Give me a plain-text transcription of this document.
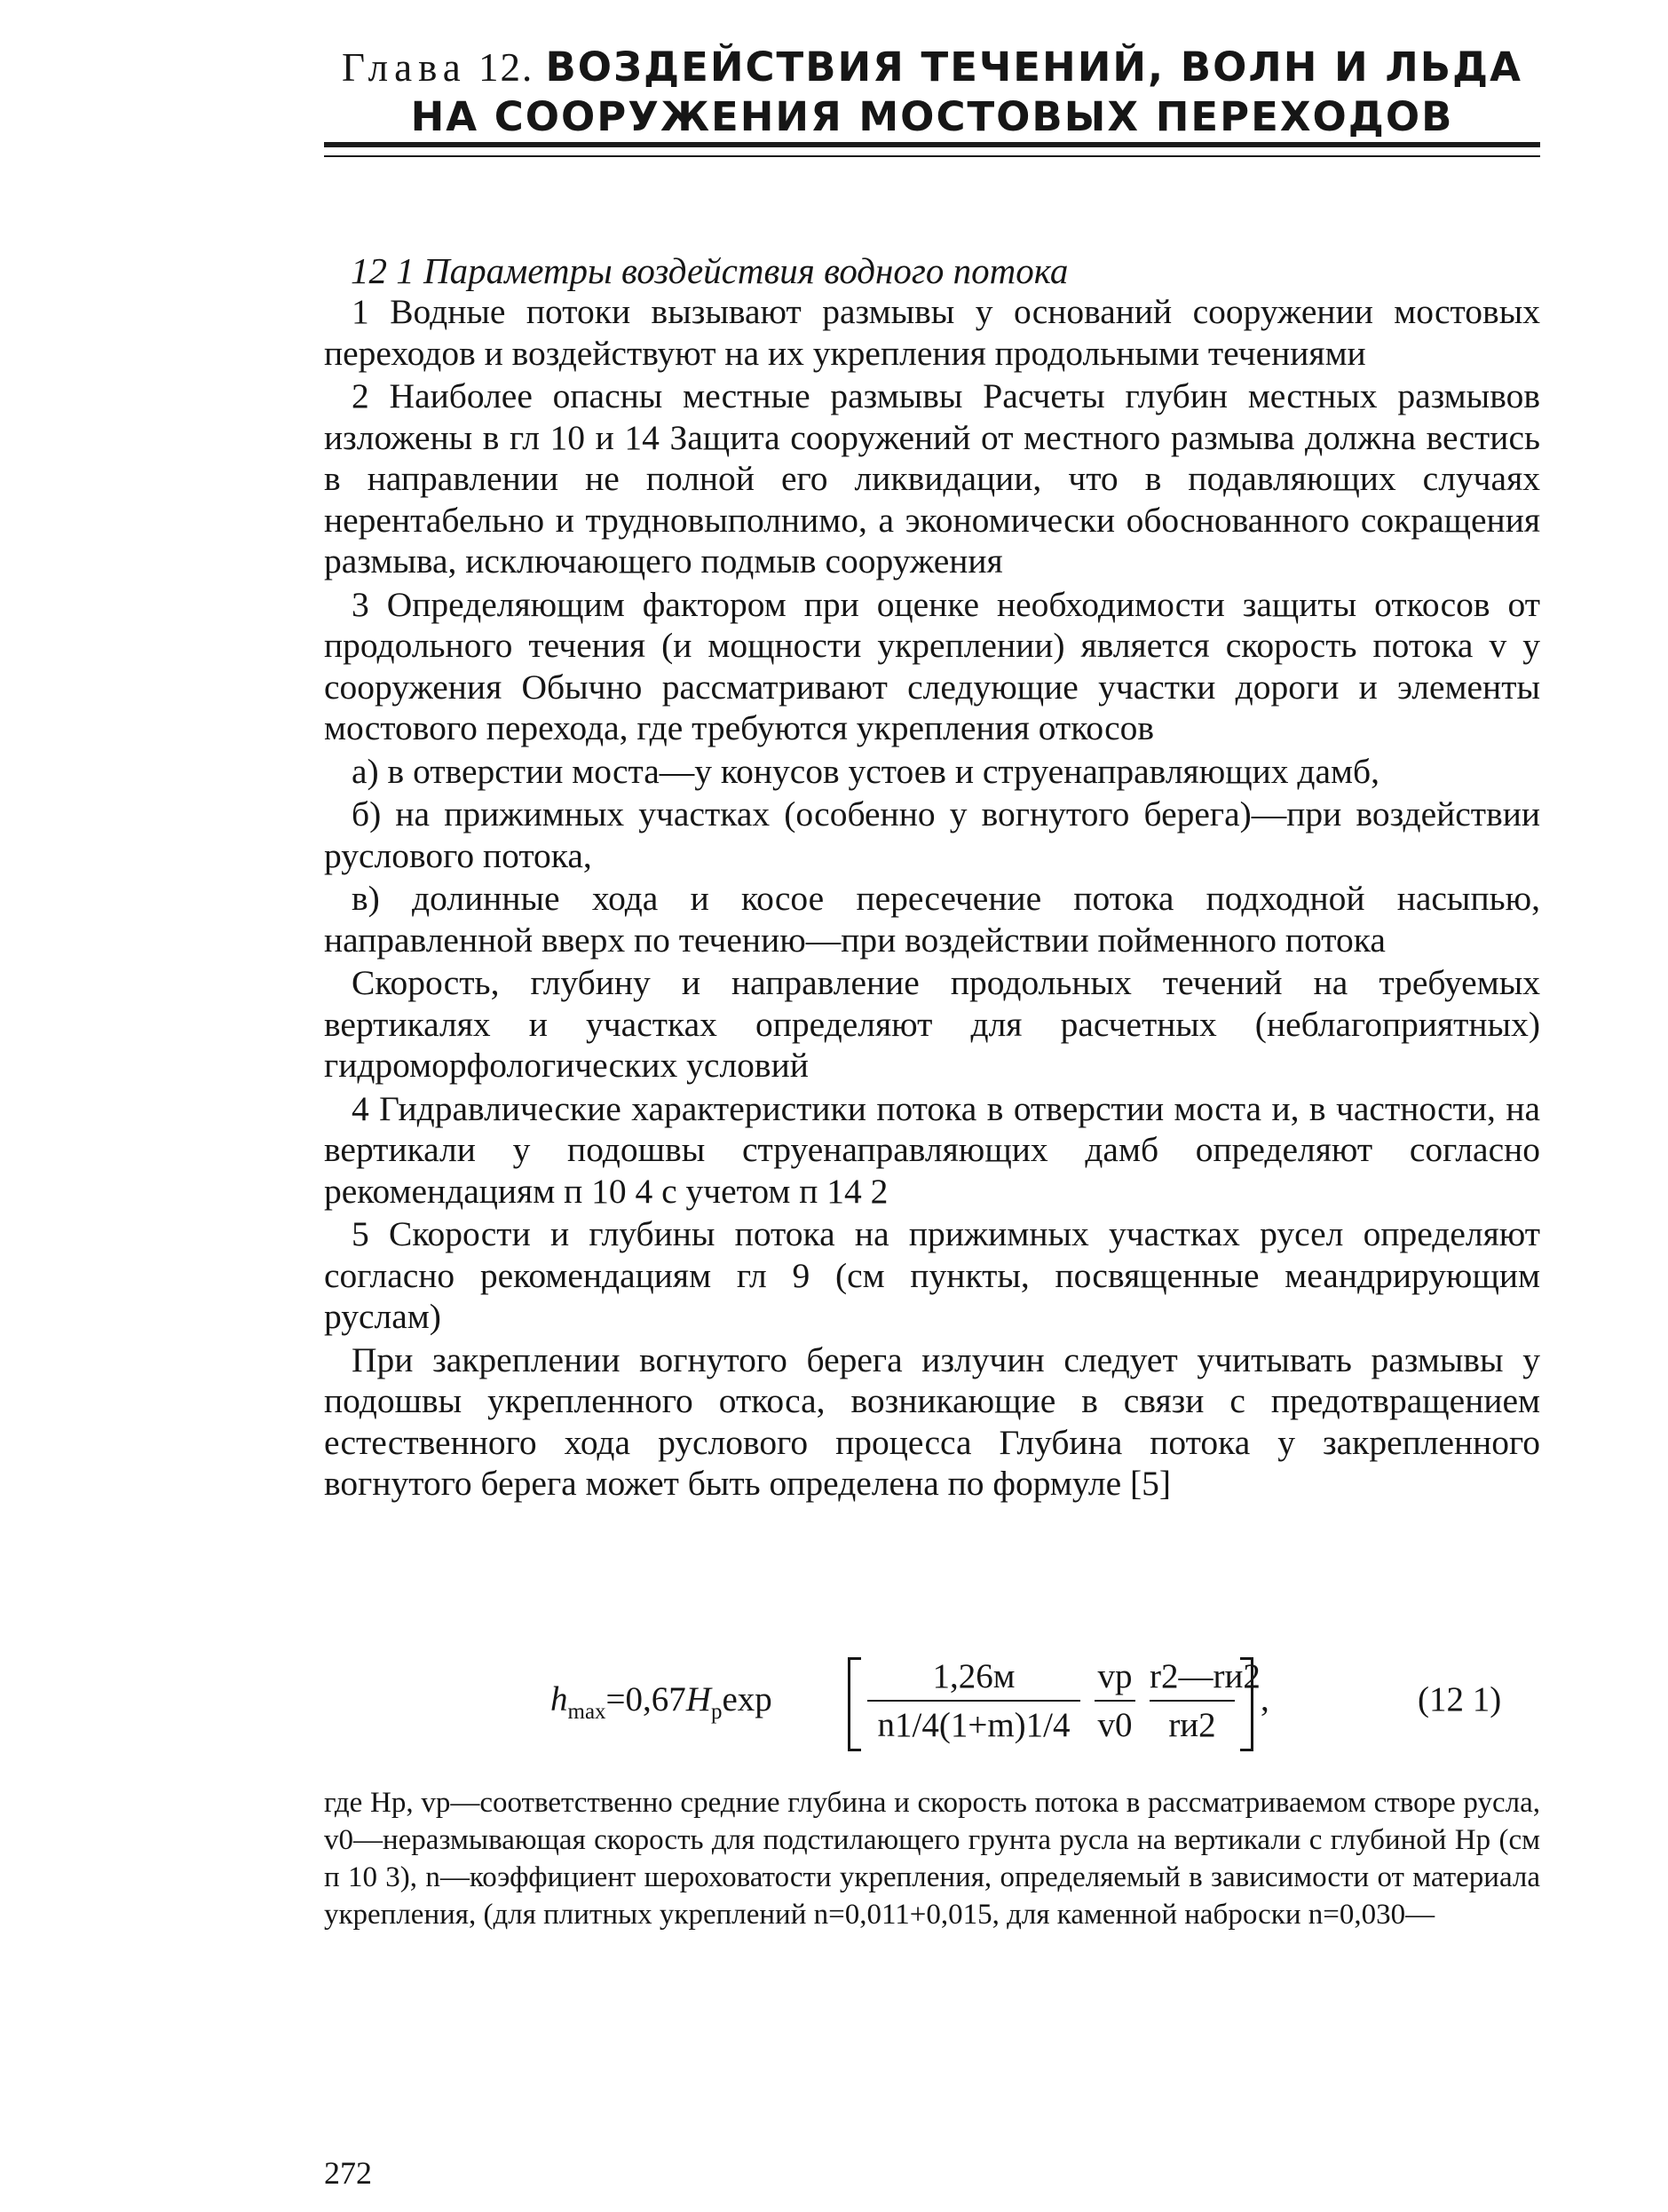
Глава 12. ВОЗДЕЙСТВИЯ ТЕЧЕНИЙ, ВОЛН И ЛЬДА
НА СООРУЖЕНИЯ МОСТОВЫХ ПЕРЕХОДОВ
12 1 Параметры воздействия водного потока

1 Водные потоки вызывают размывы у оснований сооружении мостовых переходов и воздействуют на их укрепления продольными течениями

2 Наиболее опасны местные размывы Расчеты глубин местных размывов изложены в гл 10 и 14 Защита сооружений от местного размыва должна вестись в направлении не полной его ликвидации, что в подавляющих случаях нерентабельно и трудновыполнимо, а экономически обоснованного сокращения размыва, исключающего подмыв сооружения

3 Определяющим фактором при оценке необходимости защиты откосов от продольного течения (и мощности укреплении) является скорость потока v у сооружения Обычно рассматривают следующие участки дороги и элементы мостового перехода, где требуются укрепления откосов

а) в отверстии моста—у конусов устоев и струенаправляющих дамб,

б) на прижимных участках (особенно у вогнутого берега)—при воздействии руслового потока,

в) долинные хода и косое пересечение потока подходной насыпью, направленной вверх по течению—при воздействии пойменного потока

Скорость, глубину и направление продольных течений на требуемых вертикалях и участках определяют для расчетных (неблагоприятных) гидроморфологических условий

4 Гидравлические характеристики потока в отверстии моста и, в частности, на вертикали у подошвы струенаправляющих дамб определяют согласно рекомендациям п 10 4 с учетом п 14 2

5 Скорости и глубины потока на прижимных участках русел определяют согласно рекомендациям гл 9 (см пункты, посвященные меандрирующим руслам)

При закреплении вогнутого берега излучин следует учитывать размывы у подошвы укрепленного откоса, возникающие в связи с предотвращением естественного хода руслового процесса Глубина потока у закрепленного вогнутого берега может быть определена по формуле [5]

$h_{max}=0,67H_р\exp$
1,26м
n1/4(1+m)1/4
vр
v0
r2—rи2
rи2
,	(12 1)

где Hр, vр—соответственно средние глубина и скорость потока в рассматриваемом створе русла, v0—неразмывающая скорость для подстилающего грунта русла на вертикали с глубиной Hр (см п 10 3), n—коэффициент шероховатости укрепления, определяемый в зависимости от материала укрепления, (для плитных укреплений n=0,011+0,015, для каменной наброски n=0,030—

272
